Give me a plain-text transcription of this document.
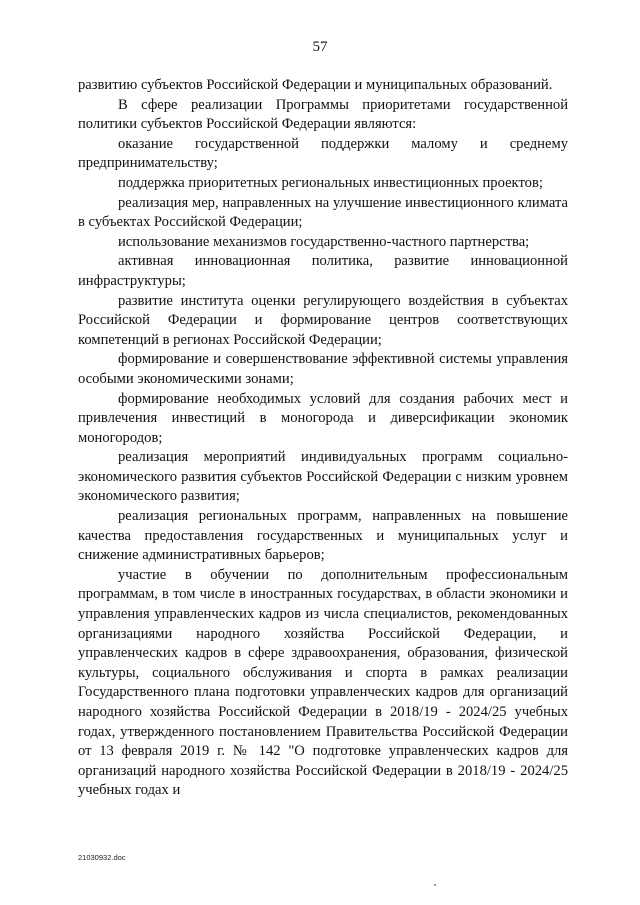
57

развитию субъектов Российской Федерации и муниципальных образований.

В сфере реализации Программы приоритетами государственной политики субъектов Российской Федерации являются:

оказание государственной поддержки малому и среднему предпринимательству;

поддержка приоритетных региональных инвестиционных проектов;

реализация мер, направленных на улучшение инвестиционного климата в субъектах Российской Федерации;

использование механизмов государственно-частного партнерства;

активная инновационная политика, развитие инновационной инфраструктуры;

развитие института оценки регулирующего воздействия в субъектах Российской Федерации и формирование центров соответствующих компетенций в регионах Российской Федерации;

формирование и совершенствование эффективной системы управления особыми экономическими зонами;

формирование необходимых условий для создания рабочих мест и привлечения инвестиций в моногорода и диверсификации экономик моногородов;

реализация мероприятий индивидуальных программ социально-экономического развития субъектов Российской Федерации с низким уровнем экономического развития;

реализация региональных программ, направленных на повышение качества предоставления государственных и муниципальных услуг и снижение административных барьеров;

участие в обучении по дополнительным профессиональным программам, в том числе в иностранных государствах, в области экономики и управления управленческих кадров из числа специалистов, рекомендованных организациями народного хозяйства Российской Федерации, и управленческих кадров в сфере здравоохранения, образования, физической культуры, социального обслуживания и спорта в рамках реализации Государственного плана подготовки управленческих кадров для организаций народного хозяйства Российской Федерации в 2018/19 - 2024/25 учебных годах, утвержденного постановлением Правительства Российской Федерации от 13 февраля 2019 г. № 142 "О подготовке управленческих кадров для организаций народного хозяйства Российской Федерации в 2018/19 - 2024/25 учебных годах и

21030932.doc
